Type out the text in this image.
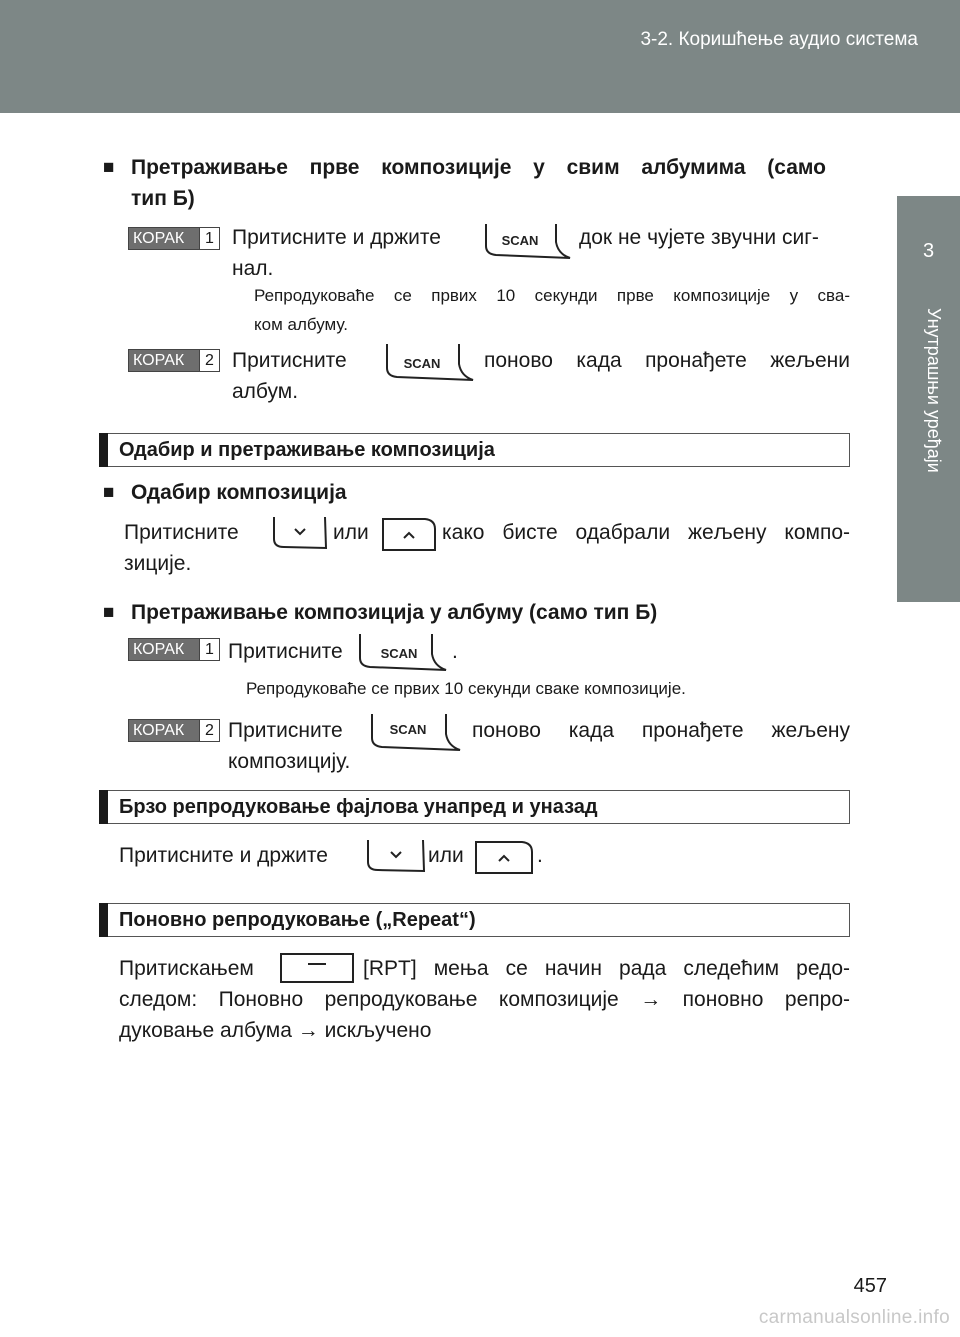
3-2. Коришћење аудио система
3
Унутрашњи уређаји
■ Претраживање прве композиције у свим албумима (само
тип Б)
КОРАК	1 Притисните и држите	SCAN док не чујете звучни сиг-
нал.
Репродуковаће се првих 10 секунди прве композиције у сва-
ком албуму.
КОРАК	2 Притисните	SCAN поново када пронађете жељени
албум.
Одабир и претраживање композиција
■ Одабир композиција
Притисните	или	како бисте одабрали жељену компо-
зиције.
■ Претраживање композиција у албуму (само тип Б)
КОРАК	1 Притисните	SCAN .
Репродуковаће се првих 10 секунди сваке композиције.
КОРАК	2 Притисните	SCAN поново када пронађете жељену
композицију.
Брзо репродуковање фајлова унапред и уназад
Притисните и држите	или	.
Поновно репродуковање („Repeat“)
Притискањем	[RPT] мења се начин рада следећим редо-
следом: Поновно репродуковање композиције → поновно репро-
дуковање албума → искључено
457
carmanualsonline.info
